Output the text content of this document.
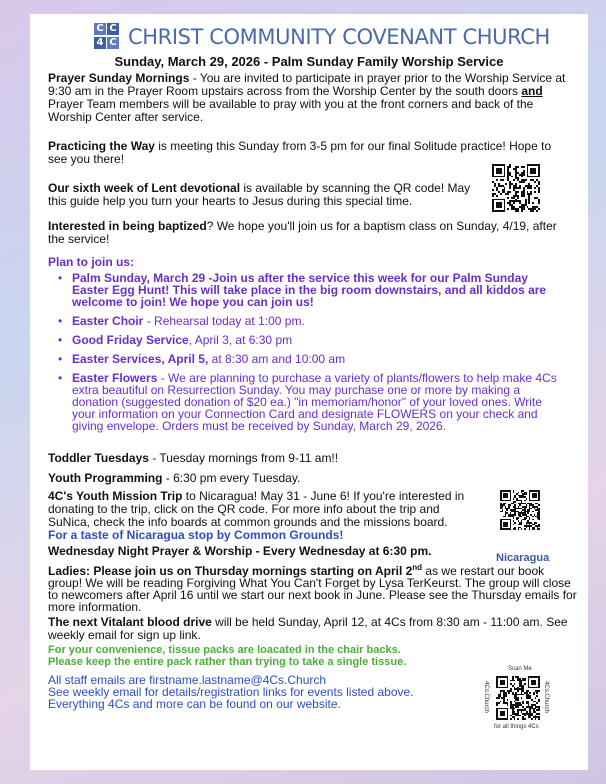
C C
4 C CHRIST COMMUNITY COVENANT CHURCH
Sunday, March 29, 2026 - Palm Sunday Family Worship Service
Prayer Sunday Mornings - You are invited to participate in prayer prior to the Worship Service at 9:30 am in the Prayer Room upstairs across from the Worship Center by the south doors and Prayer Team members will be available to pray with you at the front corners and back of the Worship Center after service.
Practicing the Way is meeting this Sunday from 3-5 pm for our final Solitude practice! Hope to see you there!
Our sixth week of Lent devotional is available by scanning the QR code! May this guide help you turn your hearts to Jesus during this special time.
Interested in being baptized? We hope you'll join us for a baptism class on Sunday, 4/19, after the service!
Plan to join us:
• Palm Sunday, March 29 -Join us after the service this week for our Palm Sunday Easter Egg Hunt! This will take place in the big room downstairs, and all kiddos are welcome to join! We hope you can join us!
• Easter Choir - Rehearsal today at 1:00 pm.
• Good Friday Service, April 3, at 6:30 pm
• Easter Services, April 5, at 8:30 am and 10:00 am
• Easter Flowers - We are planning to purchase a variety of plants/flowers to help make 4Cs extra beautiful on Resurrection Sunday. You may purchase one or more by making a donation (suggested donation of $20 ea.) "in memoriam/honor" of your loved ones. Write your information on your Connection Card and designate FLOWERS on your check and giving envelope. Orders must be received by Sunday, March 29, 2026.
Toddler Tuesdays - Tuesday mornings from 9-11 am!!
Youth Programming - 6:30 pm every Tuesday.
4C's Youth Mission Trip to Nicaragua! May 31 - June 6! If you're interested in donating to the trip, click on the QR code. For more info about the trip and SuNica, check the info boards at common grounds and the missions board.
For a taste of Nicaragua stop by Common Grounds!
Nicaragua
Wednesday Night Prayer & Worship - Every Wednesday at 6:30 pm.
Ladies: Please join us on Thursday mornings starting on April 2nd as we restart our book group! We will be reading Forgiving What You Can't Forget by Lysa TerKeurst. The group will close to newcomers after April 16 until we start our next book in June. Please see the Thursday emails for more information.
The next Vitalant blood drive will be held Sunday, April 12, at 4Cs from 8:30 am - 11:00 am. See weekly email for sign up link.
For your convenience, tissue packs are loacated in the chair backs.
Please keep the entire pack rather than trying to take a single tissue.
All staff emails are firstname.lastname@4Cs.Church
See weekly email for details/registration links for events listed above.
Everything 4Cs and more can be found on our website.
Scan Me
for all things 4Cs
4Cs.Church	4Cs.Church
